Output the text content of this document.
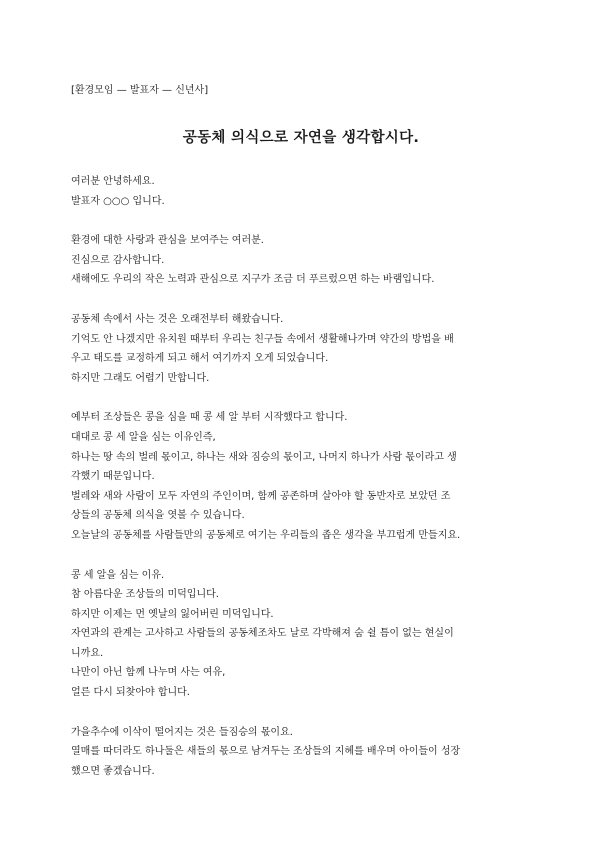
[환경모임 — 발표자 — 신년사]
공동체 의식으로 자연을 생각합시다.
여러분 안녕하세요.
발표자 ○○○ 입니다.
환경에 대한 사랑과 관심을 보여주는 여러분.
진심으로 감사합니다.
새해에도 우리의 작은 노력과 관심으로 지구가 조금 더 푸르렀으면 하는 바램입니다.
공동체 속에서 사는 것은 오래전부터 해왔습니다.
기억도 안 나겠지만 유치원 때부터 우리는 친구들 속에서 생활해나가며 약간의 방법을 배
우고 태도를 교정하게 되고 해서 여기까지 오게 되었습니다.
하지만 그래도 어렵기 만합니다.
예부터 조상들은 콩을 심을 때 콩 세 알 부터 시작했다고 합니다.
대대로 콩 세 알을 심는 이유인즉,
하나는 땅 속의 벌레 몫이고, 하나는 새와 짐승의 몫이고, 나머지 하나가 사람 몫이라고 생
각했기 때문입니다.
벌레와 새와 사람이 모두 자연의 주인이며, 함께 공존하며 살아야 할 동반자로 보았던 조
상들의 공동체 의식을 엿볼 수 있습니다.
오늘날의 공동체를 사람들만의 공동체로 여기는 우리들의 좁은 생각을 부끄럽게 만들지요.
콩 세 알을 심는 이유.
참 아름다운 조상들의 미덕입니다.
하지만 이제는 먼 옛날의 잃어버린 미덕입니다.
자연과의 관계는 고사하고 사람들의 공동체조차도 날로 각박해져 숨 쉴 틈이 없는 현실이
니까요.
나만이 아닌 함께 나누며 사는 여유,
얼른 다시 되찾아야 합니다.
가을추수에 이삭이 떨어지는 것은 들짐승의 몫이요.
열매를 따더라도 하나둘은 새들의 몫으로 남겨두는 조상들의 지혜를 배우며 아이들이 성장
했으면 좋겠습니다.
